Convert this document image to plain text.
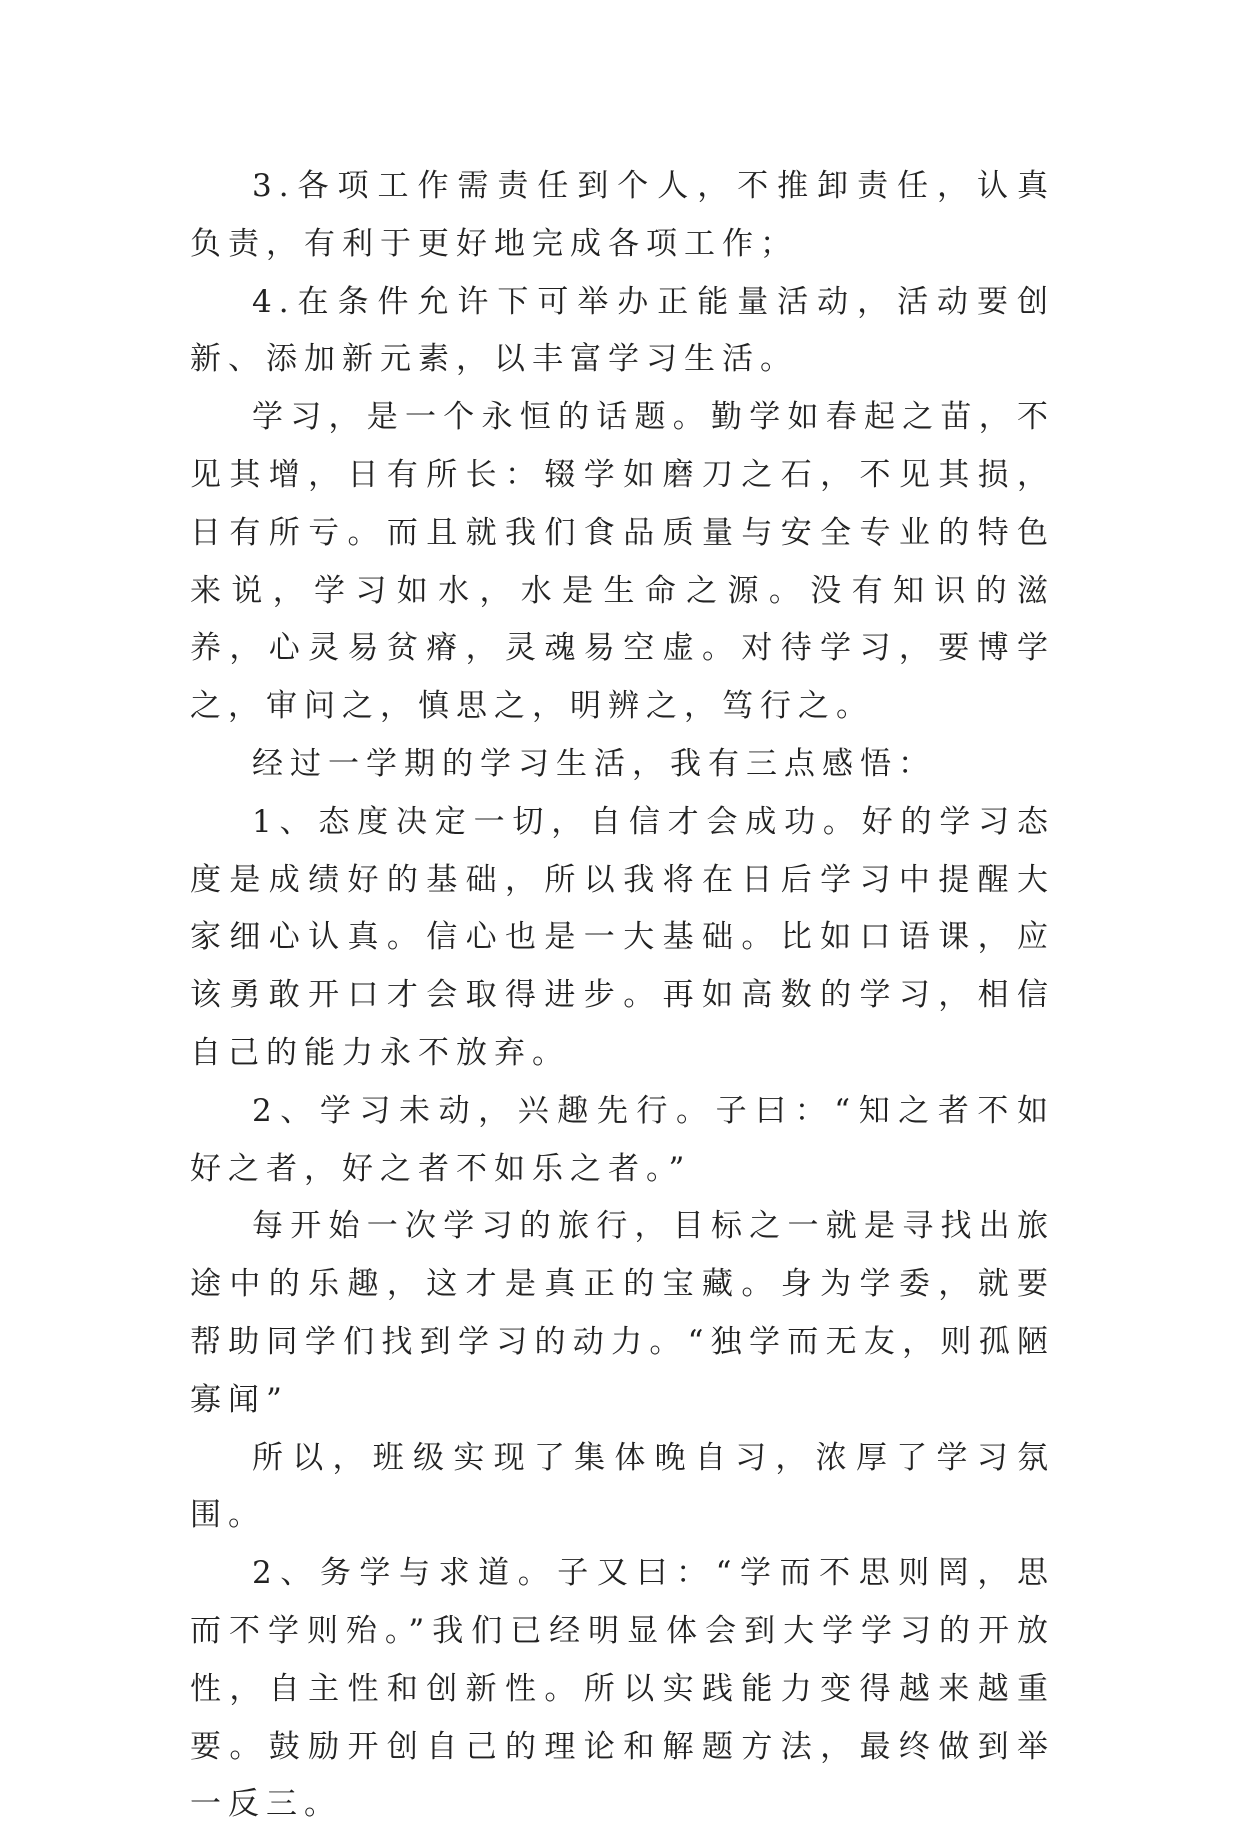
3.各项工作需责任到个人，不推卸责任，认真负责，有利于更好地完成各项工作；

4.在条件允许下可举办正能量活动，活动要创新、添加新元素，以丰富学习生活。

学习，是一个永恒的话题。勤学如春起之苗，不见其增，日有所长：辍学如磨刀之石，不见其损，日有所亏。而且就我们食品质量与安全专业的特色来说，学习如水，水是生命之源。没有知识的滋养，心灵易贫瘠，灵魂易空虚。对待学习，要博学之，审问之，慎思之，明辨之，笃行之。

经过一学期的学习生活，我有三点感悟：

1、态度决定一切，自信才会成功。好的学习态度是成绩好的基础，所以我将在日后学习中提醒大家细心认真。信心也是一大基础。比如口语课，应该勇敢开口才会取得进步。再如高数的学习，相信自己的能力永不放弃。

2、学习未动，兴趣先行。子曰：“知之者不如好之者，好之者不如乐之者。”

每开始一次学习的旅行，目标之一就是寻找出旅途中的乐趣，这才是真正的宝藏。身为学委，就要帮助同学们找到学习的动力。“独学而无友，则孤陋寡闻”

所以，班级实现了集体晚自习，浓厚了学习氛围。

2、务学与求道。子又曰：“学而不思则罔，思而不学则殆。”我们已经明显体会到大学学习的开放性，自主性和创新性。所以实践能力变得越来越重要。鼓励开创自己的理论和解题方法，最终做到举一反三。
